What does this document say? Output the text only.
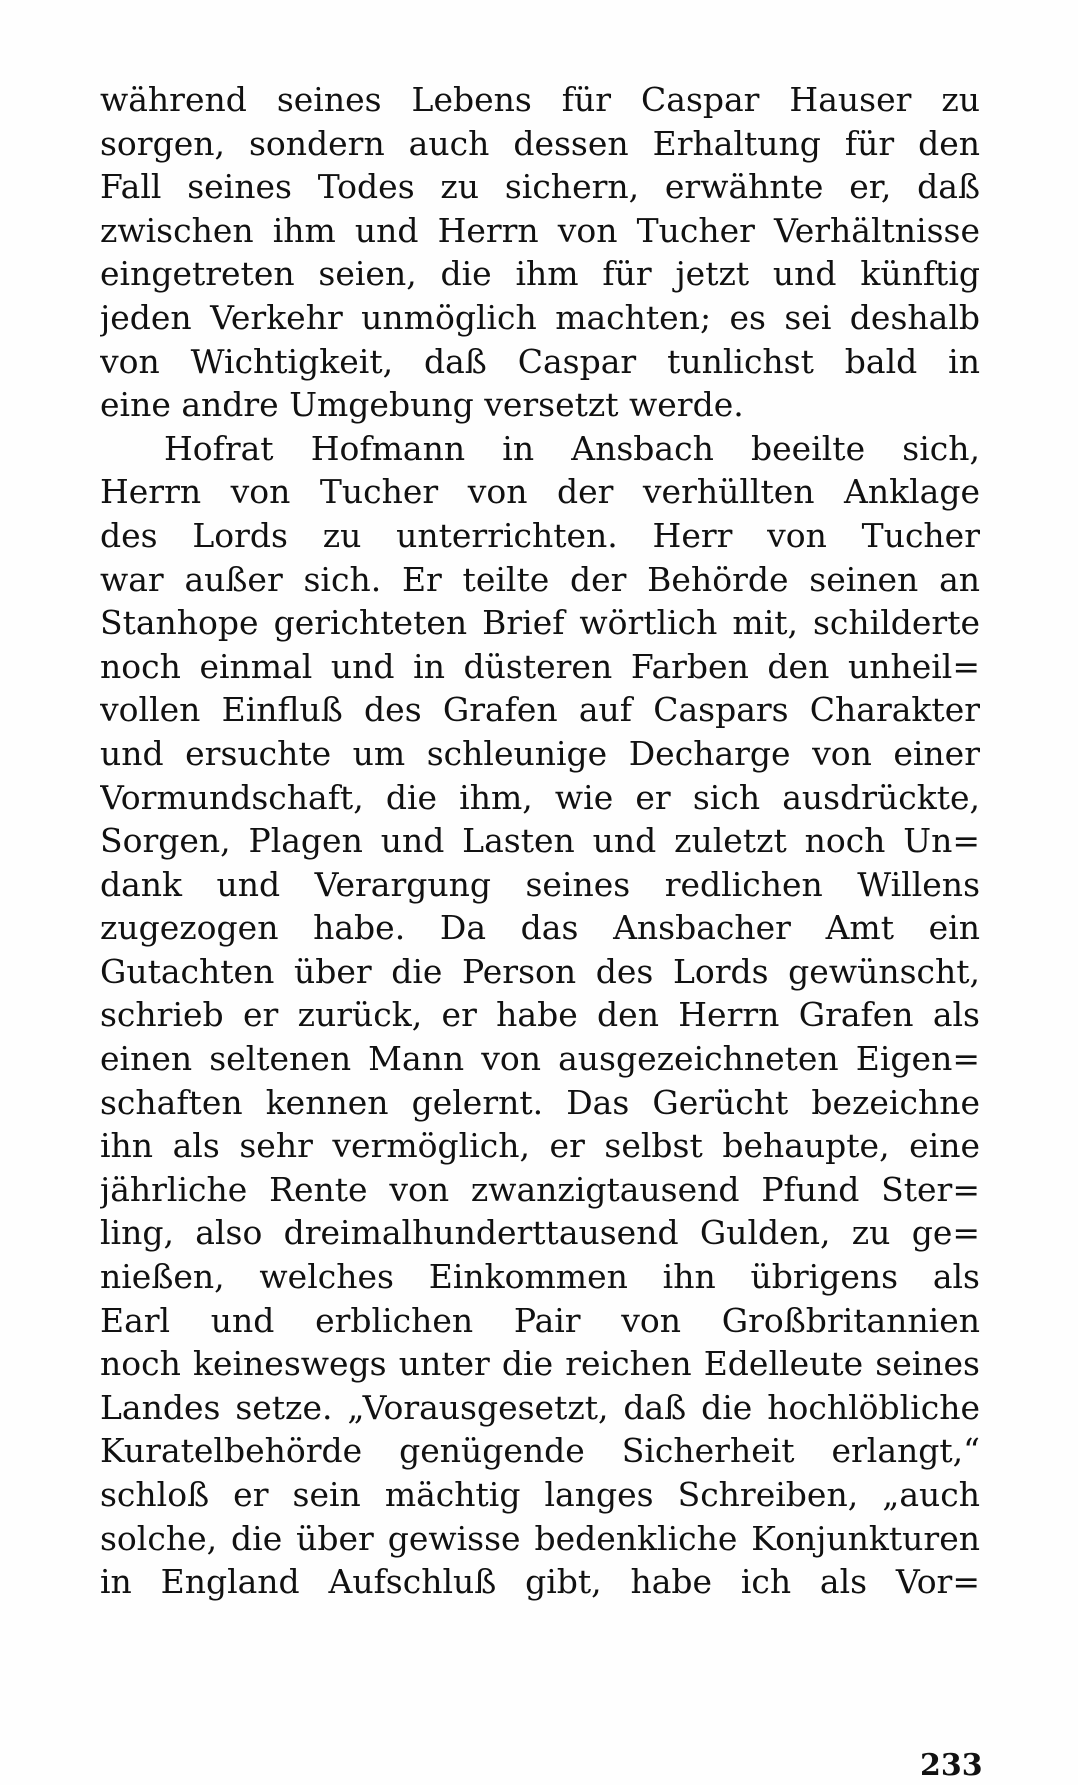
während seines Lebens für Caspar Hauser zu
sorgen, sondern auch dessen Erhaltung für den
Fall seines Todes zu sichern, erwähnte er, daß
zwischen ihm und Herrn von Tucher Verhältnisse
eingetreten seien, die ihm für jetzt und künftig
jeden Verkehr unmöglich machten; es sei deshalb
von Wichtigkeit, daß Caspar tunlichst bald in
eine andre Umgebung versetzt werde.
Hofrat Hofmann in Ansbach beeilte sich,
Herrn von Tucher von der verhüllten Anklage
des Lords zu unterrichten. Herr von Tucher
war außer sich. Er teilte der Behörde seinen an
Stanhope gerichteten Brief wörtlich mit, schilderte
noch einmal und in düsteren Farben den unheil=
vollen Einfluß des Grafen auf Caspars Charakter
und ersuchte um schleunige Decharge von einer
Vormundschaft, die ihm, wie er sich ausdrückte,
Sorgen, Plagen und Lasten und zuletzt noch Un=
dank und Verargung seines redlichen Willens
zugezogen habe. Da das Ansbacher Amt ein
Gutachten über die Person des Lords gewünscht,
schrieb er zurück, er habe den Herrn Grafen als
einen seltenen Mann von ausgezeichneten Eigen=
schaften kennen gelernt. Das Gerücht bezeichne
ihn als sehr vermöglich, er selbst behaupte, eine
jährliche Rente von zwanzigtausend Pfund Ster=
ling, also dreimalhunderttausend Gulden, zu ge=
nießen, welches Einkommen ihn übrigens als
Earl und erblichen Pair von Großbritannien
noch keineswegs unter die reichen Edelleute seines
Landes setze. „Vorausgesetzt, daß die hochlöbliche
Kuratelbehörde genügende Sicherheit erlangt,“
schloß er sein mächtig langes Schreiben, „auch
solche, die über gewisse bedenkliche Konjunkturen
in England Aufschluß gibt, habe ich als Vor=
233
